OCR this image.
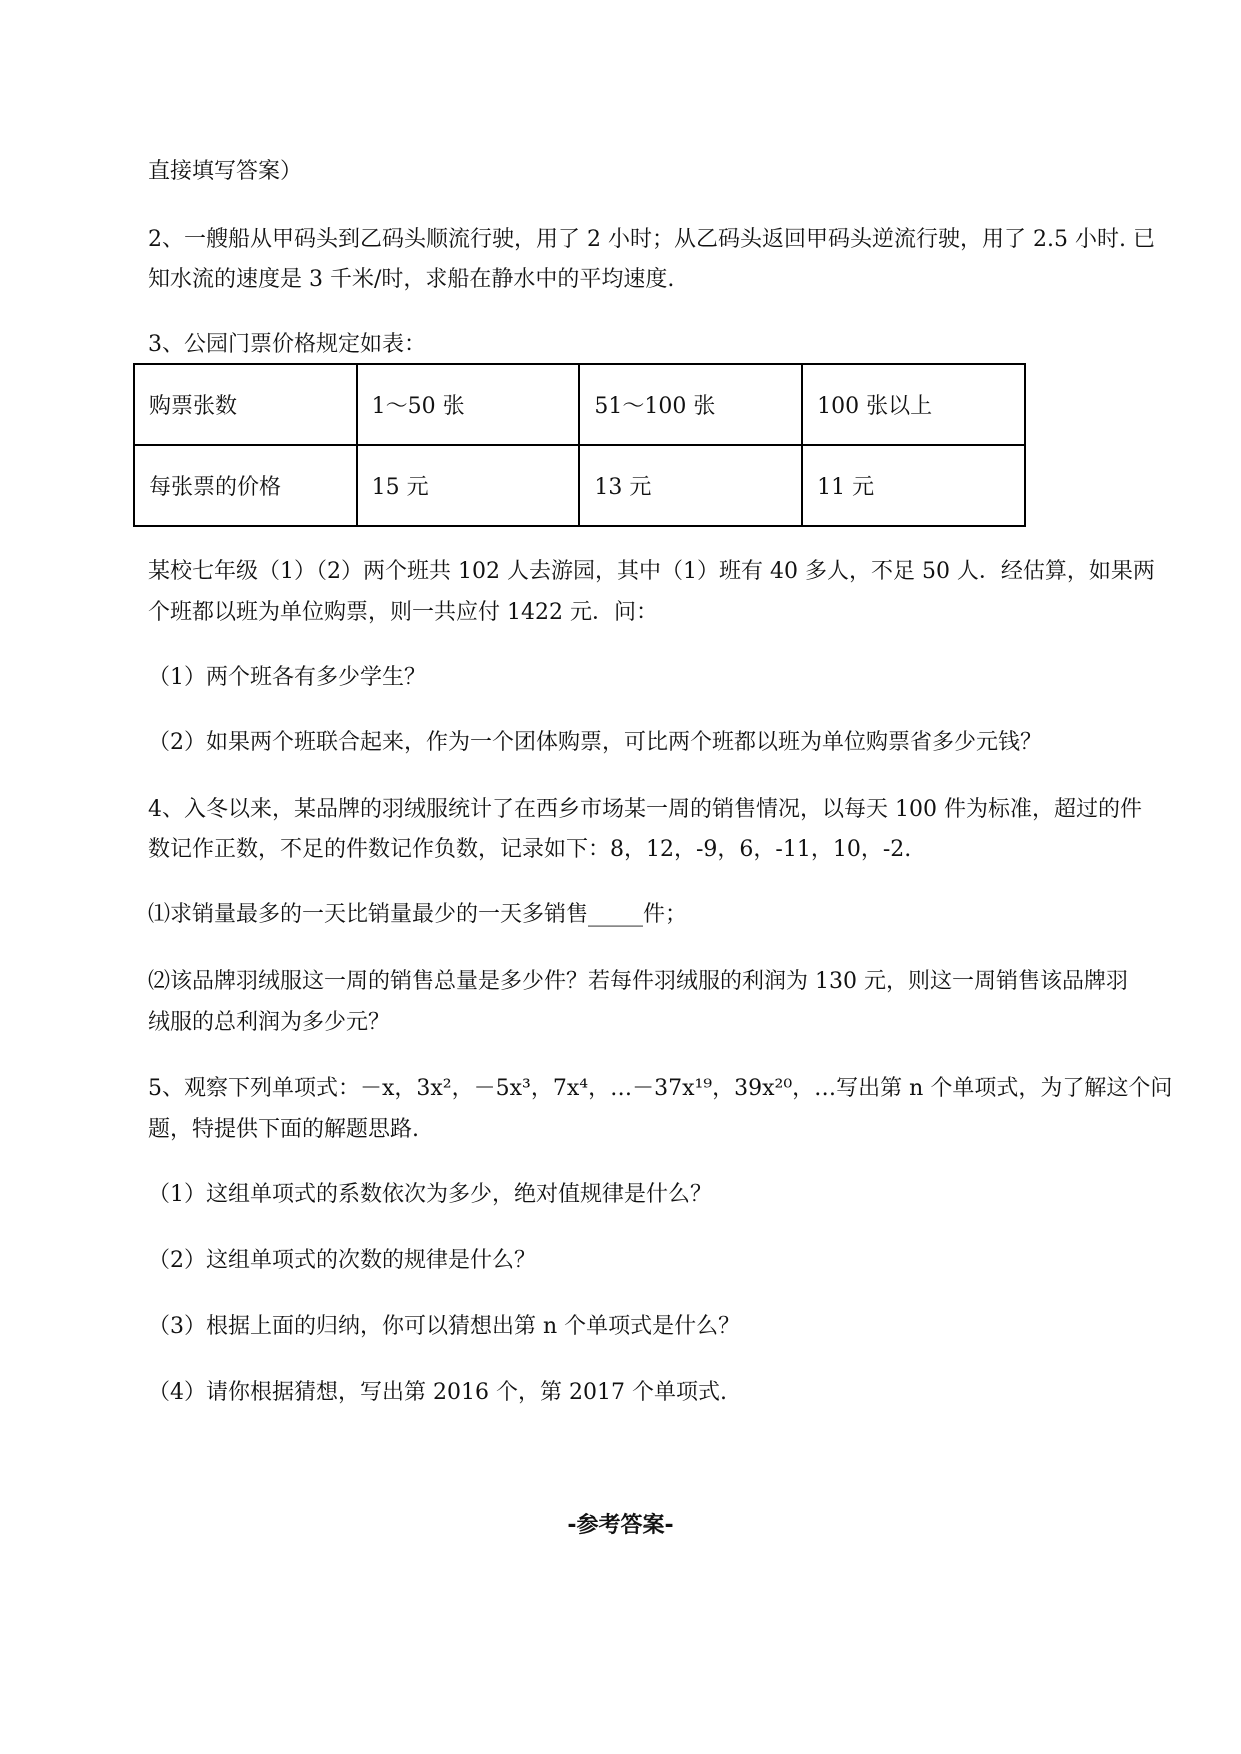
直接填写答案）
2、一艘船从甲码头到乙码头顺流行驶，用了 2 小时；从乙码头返回甲码头逆流行驶，用了 2.5 小时. 已
知水流的速度是 3 千米/时，求船在静水中的平均速度.
3、公园门票价格规定如表：
购票张数	1～50 张	51～100 张	100 张以上
每张票的价格	15 元	13 元	11 元
某校七年级（1）（2）两个班共 102 人去游园，其中（1）班有 40 多人，不足 50 人．经估算，如果两
个班都以班为单位购票，则一共应付 1422 元．问：
（1）两个班各有多少学生？
（2）如果两个班联合起来，作为一个团体购票，可比两个班都以班为单位购票省多少元钱？
4、入冬以来，某品牌的羽绒服统计了在西乡市场某一周的销售情况，以每天 100 件为标准，超过的件
数记作正数，不足的件数记作负数，记录如下：8，12，-9，6，-11，10，-2.
⑴求销量最多的一天比销量最少的一天多销售_____件；
⑵该品牌羽绒服这一周的销售总量是多少件？若每件羽绒服的利润为 130 元，则这一周销售该品牌羽
绒服的总利润为多少元？
5、观察下列单项式：－x，3x²，－5x³，7x⁴，…－37x¹⁹，39x²⁰，…写出第 n 个单项式，为了解这个问
题，特提供下面的解题思路.
（1）这组单项式的系数依次为多少，绝对值规律是什么？
（2）这组单项式的次数的规律是什么？
（3）根据上面的归纳，你可以猜想出第 n 个单项式是什么？
（4）请你根据猜想，写出第 2016 个，第 2017 个单项式.
-参考答案-
